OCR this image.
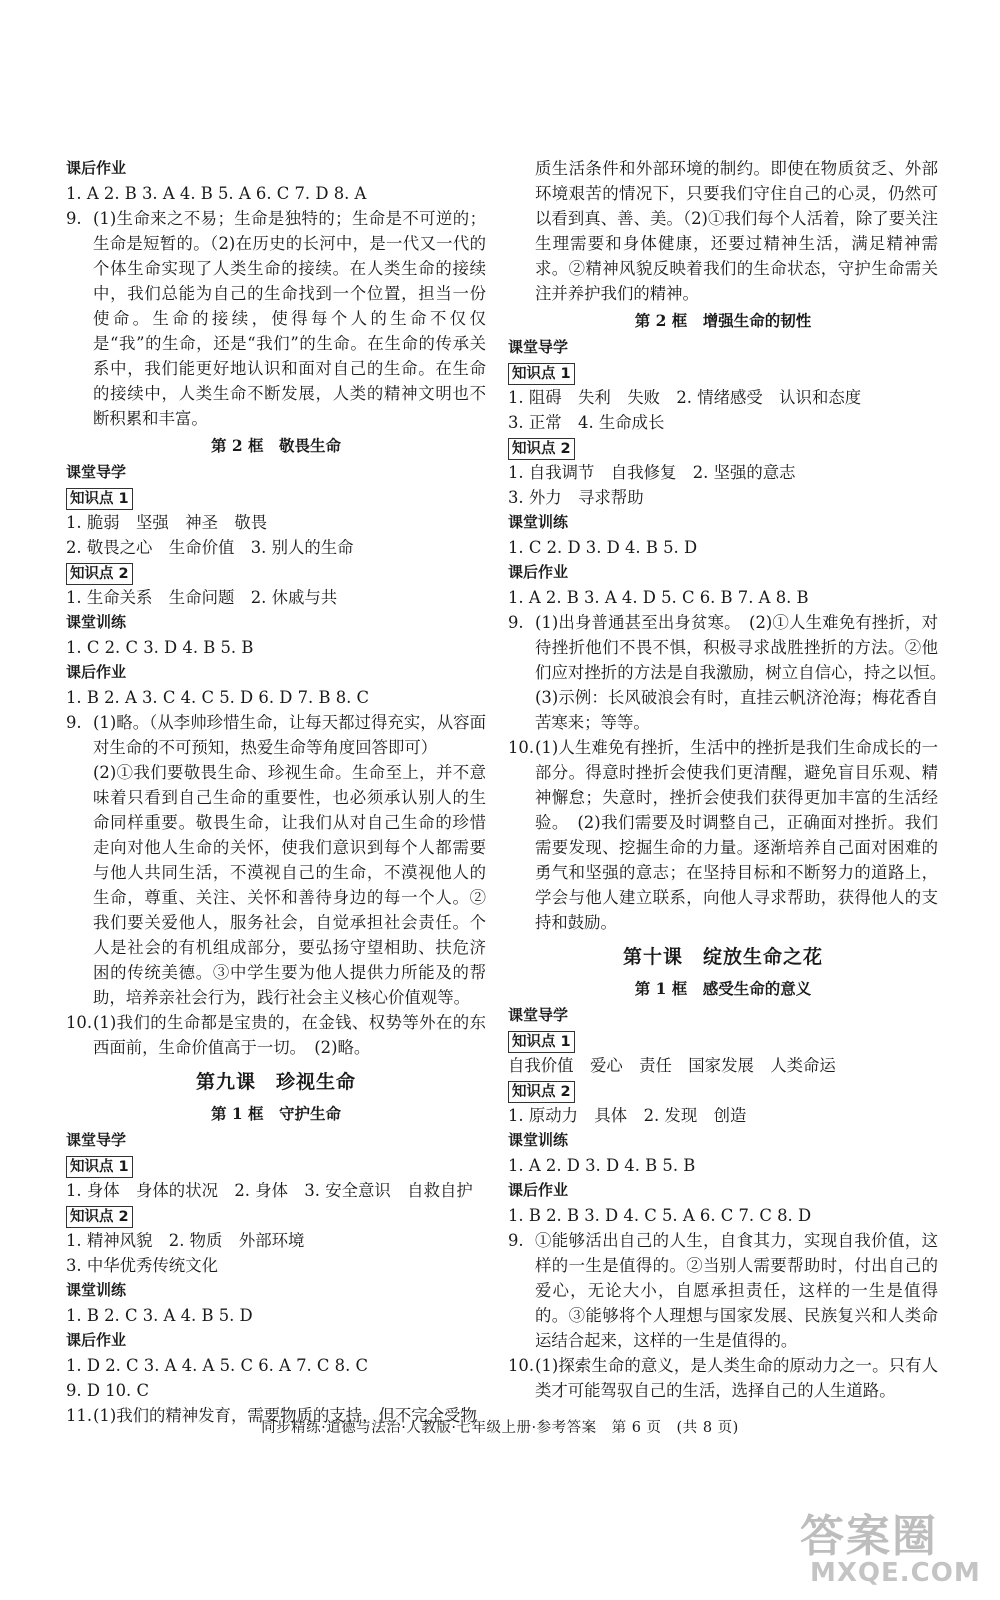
课后作业

1. A 2. B 3. A 4. B 5. A 6. C 7. D 8. A

9. (1)生命来之不易；生命是独特的；生命是不可逆的；生命是短暂的。（2)在历史的长河中，是一代又一代的个体生命实现了人类生命的接续。在人类生命的接续中，我们总能为自己的生命找到一个位置，担当一份使命。生命的接续，使得每个人的生命不仅仅是“我”的生命，还是“我们”的生命。在生命的传承关系中，我们能更好地认识和面对自己的生命。在生命的接续中，人类生命不断发展，人类的精神文明也不断积累和丰富。

第 2 框　敬畏生命

课堂导学

知识点 1

1. 脆弱　坚强　神圣　敬畏

2. 敬畏之心　生命价值　3. 别人的生命

知识点 2

1. 生命关系　生命问题　2. 休戚与共

课堂训练

1. C 2. C 3. D 4. B 5. B

课后作业

1. B 2. A 3. C 4. C 5. D 6. D 7. B 8. C

9. (1)略。（从李帅珍惜生命，让每天都过得充实，从容面对生命的不可预知，热爱生命等角度回答即可）
(2)①我们要敬畏生命、珍视生命。生命至上，并不意味着只看到自己生命的重要性，也必须承认别人的生命同样重要。敬畏生命，让我们从对自己生命的珍惜走向对他人生命的关怀，使我们意识到每个人都需要与他人共同生活，不漠视自己的生命，不漠视他人的生命，尊重、关注、关怀和善待身边的每一个人。②我们要关爱他人，服务社会，自觉承担社会责任。个人是社会的有机组成部分，要弘扬守望相助、扶危济困的传统美德。③中学生要为他人提供力所能及的帮助，培养亲社会行为，践行社会主义核心价值观等。
10. (1)我们的生命都是宝贵的，在金钱、权势等外在的东西面前，生命价值高于一切。　(2)略。

第九课　珍视生命

第 1 框　守护生命

课堂导学

知识点 1

1. 身体　身体的状况　2. 身体　3. 安全意识　自救自护

知识点 2

1. 精神风貌　2. 物质　外部环境

3. 中华优秀传统文化

课堂训练

1. B 2. C 3. A 4. B 5. D

课后作业

1. D 2. C 3. A 4. A 5. C 6. A 7. C 8. C

9. D 10. C

11. (1)我们的精神发育，需要物质的支持，但不完全受物
质生活条件和外部环境的制约。即使在物质贫乏、外部环境艰苦的情况下，只要我们守住自己的心灵，仍然可以看到真、善、美。（2)①我们每个人活着，除了要关注生理需要和身体健康，还要过精神生活，满足精神需求。②精神风貌反映着我们的生命状态，守护生命需关注并养护我们的精神。

第 2 框　增强生命的韧性

课堂导学

知识点 1

1. 阻碍　失利　失败　2. 情绪感受　认识和态度

3. 正常　4. 生命成长

知识点 2

1. 自我调节　自我修复　2. 坚强的意志

3. 外力　寻求帮助

课堂训练

1. C 2. D 3. D 4. B 5. D

课后作业

1. A 2. B 3. A 4. D 5. C 6. B 7. A 8. B

9. (1)出身普通甚至出身贫寒。　(2)①人生难免有挫折，对待挫折他们不畏不惧，积极寻求战胜挫折的方法。②他们应对挫折的方法是自我激励，树立自信心，持之以恒。　(3)示例：长风破浪会有时，直挂云帆济沧海；梅花香自苦寒来；等等。
10. (1)人生难免有挫折，生活中的挫折是我们生命成长的一部分。得意时挫折会使我们更清醒，避免盲目乐观、精神懈怠；失意时，挫折会使我们获得更加丰富的生活经验。　(2)我们需要及时调整自己，正确面对挫折。我们需要发现、挖掘生命的力量。逐渐培养自己面对困难的勇气和坚强的意志；在坚持目标和不断努力的道路上，学会与他人建立联系，向他人寻求帮助，获得他人的支持和鼓励。

第十课　绽放生命之花

第 1 框　感受生命的意义

课堂导学

知识点 1

自我价值　爱心　责任　国家发展　人类命运

知识点 2

1. 原动力　具体　2. 发现　创造

课堂训练

1. A 2. D 3. D 4. B 5. B

课后作业

1. B 2. B 3. D 4. C 5. A 6. C 7. C 8. D

9. ①能够活出自己的人生，自食其力，实现自我价值，这样的一生是值得的。②当别人需要帮助时，付出自己的爱心，无论大小，自愿承担责任，这样的一生是值得的。③能够将个人理想与国家发展、民族复兴和人类命运结合起来，这样的一生是值得的。
10. (1)探索生命的意义，是人类生命的原动力之一。只有人类才可能驾驭自己的生活，选择自己的人生道路。
同步精练·道德与法治·人教版·七年级上册·参考答案　第 6 页　(共 8 页)
答案圈
MXQE.COM
